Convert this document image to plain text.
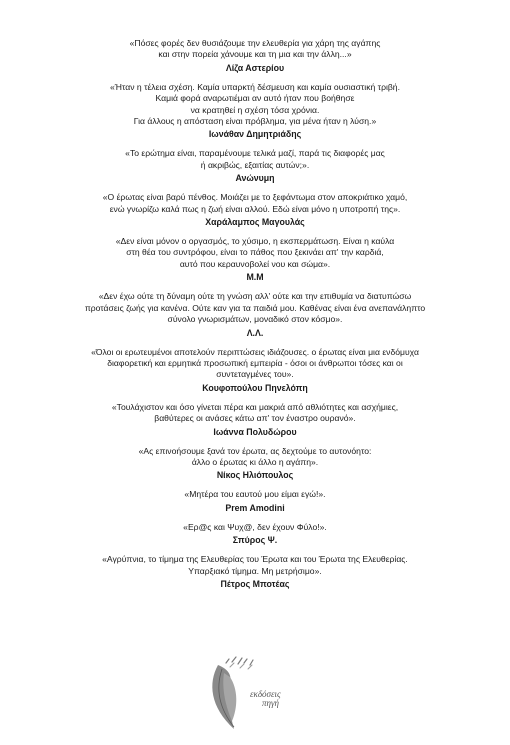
«Πόσες φορές δεν θυσιάζουμε την ελευθερία για χάρη της αγάπης
και στην πορεία χάνουμε και τη μια και την άλλη...»

Λίζα Αστερίου

«Ήταν η τέλεια σχέση. Καμία υπαρκτή δέσμευση και καμία ουσιαστική τριβή.
Καμιά φορά αναρωτιέμαι αν αυτό ήταν που βοήθησε
να κρατηθεί η σχέση τόσα χρόνια.
Για άλλους η απόσταση είναι πρόβλημα, για μένα ήταν η λύση.»

Ιωνάθαν Δημητριάδης

«Το ερώτημα είναι, παραμένουμε τελικά μαζί, παρά τις διαφορές μας
ή ακριβώς, εξαιτίας αυτών;».

Ανώνυμη

«Ο έρωτας είναι βαρύ πένθος. Μοιάζει με το ξεφάντωμα στον αποκριάτικο χαμό,
ενώ γνωρίζω καλά πως η ζωή είναι αλλού. Εδώ είναι μόνο η υποτροπή της».

Χαράλαμπος Μαγουλάς

«Δεν είναι μόνον ο οργασμός, το χύσιμο, η εκσπερμάτωση. Είναι η καύλα
στη θέα του συντρόφου, είναι το πάθος που ξεκινάει απ' την καρδιά,
αυτό που κεραυνοβολεί νου και σώμα».

Μ.Μ

«Δεν έχω ούτε τη δύναμη ούτε τη γνώση αλλ' ούτε και την επιθυμία να διατυπώσω
προτάσεις ζωής για κανένα. Ούτε καν για τα παιδιά μου. Καθένας είναι ένα ανεπανάληπτο
σύνολο γνωρισμάτων, μοναδικό στον κόσμο».

Λ.Λ.

«Όλοι οι ερωτευμένοι αποτελούν περιπτώσεις ιδιάζουσες. ο έρωτας είναι μια ενδόμυχα
διαφορετική και ερμητικά προσωπική εμπειρία - όσοι οι άνθρωποι τόσες και οι
συντεταγμένες του».

Κουφοπούλου Πηνελόπη

«Τουλάχιστον και όσο γίνεται πέρα και μακριά από αθλιότητες και ασχήμιες,
βαθύτερες οι ανάσες κάτω απ' τον έναστρο ουρανό».

Ιωάννα Πολυδώρου

«Ας επινοήσουμε ξανά τον έρωτα, ας δεχτούμε το αυτονόητο:
άλλο ο έρωτας κι άλλο η αγάπη».

Νίκος Ηλιόπουλος

«Μητέρα του εαυτού μου είμαι εγώ!».

Prem Amodini

«Ερ@ς και Ψυχ@, δεν έχουν Φύλο!».

Σπύρος Ψ.

«Αγρύπνια, το τίμημα της Ελευθερίας του Έρωτα και του Έρωτα της Ελευθερίας.
Υπαρξιακό τίμημα. Μη μετρήσιμο».

Πέτρος Μποτέας

εκδόσεις
πηγή
